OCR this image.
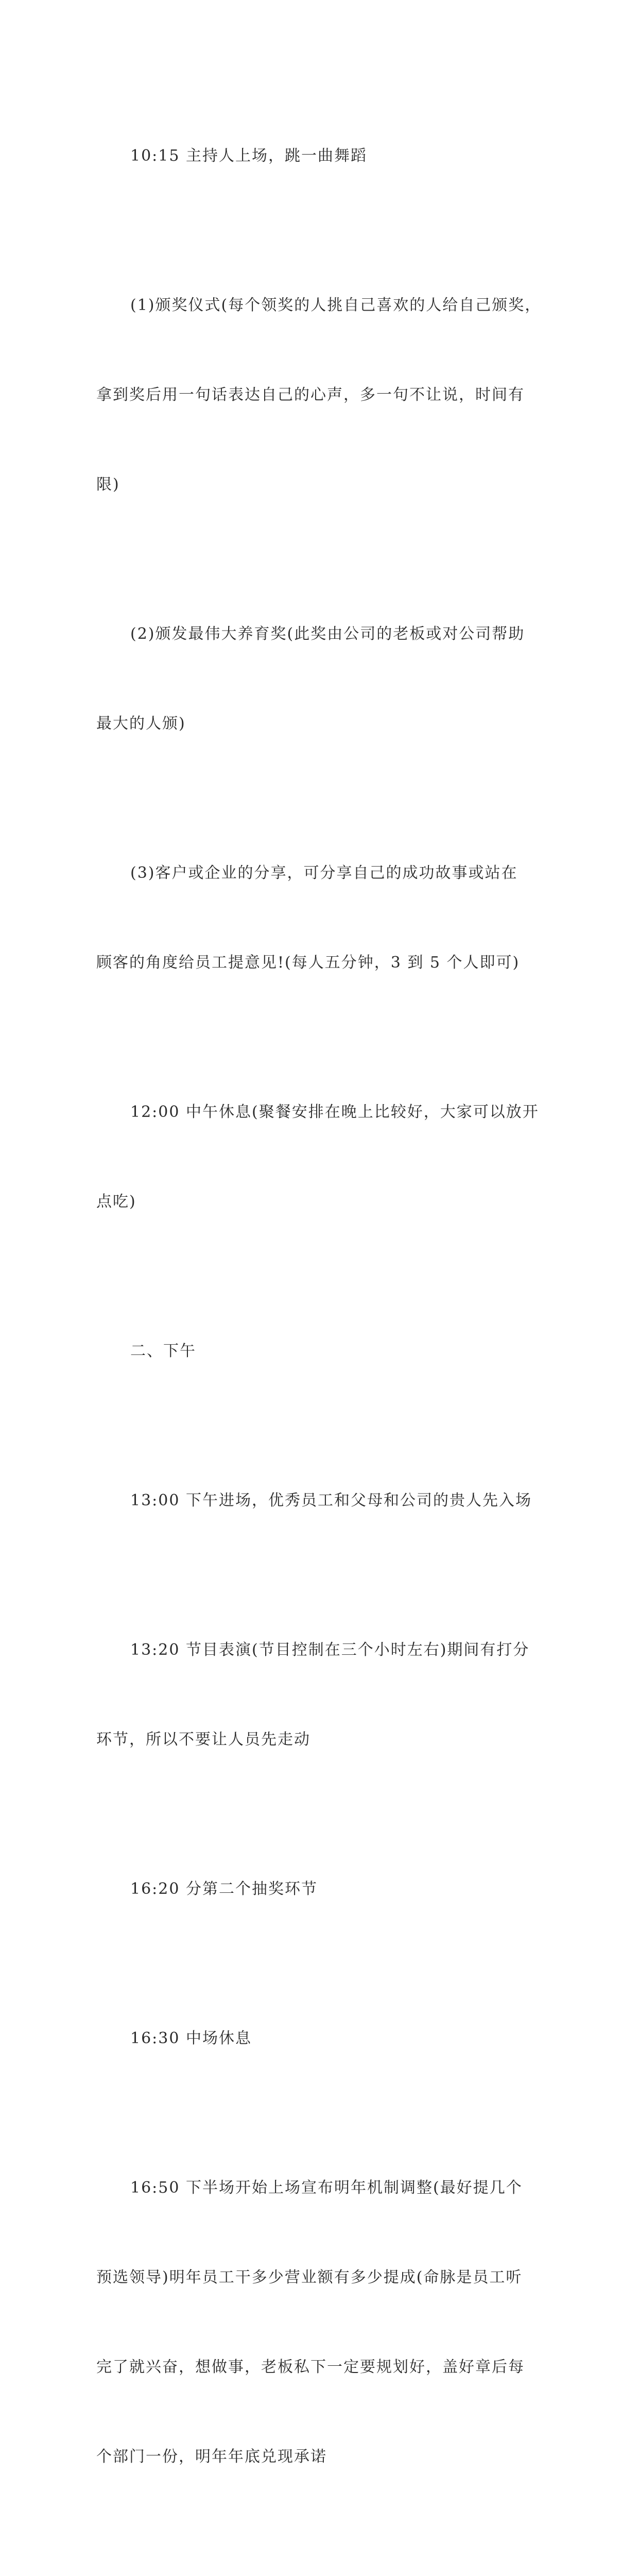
10:15 主持人上场，跳一曲舞蹈

(1)颁奖仪式(每个领奖的人挑自己喜欢的人给自己颁奖，

拿到奖后用一句话表达自己的心声，多一句不让说，时间有

限)

(2)颁发最伟大养育奖(此奖由公司的老板或对公司帮助

最大的人颁)

(3)客户或企业的分享，可分享自己的成功故事或站在

顾客的角度给员工提意见!(每人五分钟，3 到 5 个人即可)

12:00 中午休息(聚餐安排在晚上比较好，大家可以放开

点吃)

二、下午

13:00 下午进场，优秀员工和父母和公司的贵人先入场

13:20 节目表演(节目控制在三个小时左右)期间有打分

环节，所以不要让人员先走动

16:20 分第二个抽奖环节

16:30 中场休息

16:50 下半场开始上场宣布明年机制调整(最好提几个

预选领导)明年员工干多少营业额有多少提成(命脉是员工听

完了就兴奋，想做事，老板私下一定要规划好，盖好章后每

个部门一份，明年年底兑现承诺
